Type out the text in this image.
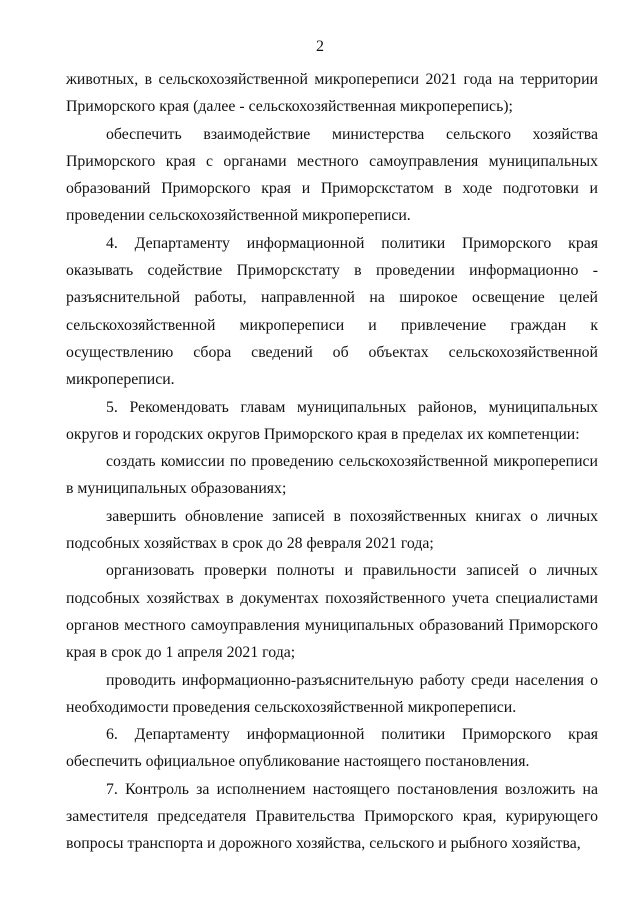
2

животных, в сельскохозяйственной микропереписи 2021 года на территории Приморского края (далее - сельскохозяйственная микроперепись);

обеспечить взаимодействие министерства сельского хозяйства Приморского края с органами местного самоуправления муниципальных образований Приморского края и Приморскстатом в ходе подготовки и проведении сельскохозяйственной микропереписи.

4. Департаменту информационной политики Приморского края оказывать содействие Приморскстату в проведении информационно - разъяснительной работы, направленной на широкое освещение целей сельскохозяйственной микропереписи и привлечение граждан к осуществлению сбора сведений об объектах сельскохозяйственной микропереписи.

5. Рекомендовать главам муниципальных районов, муниципальных округов и городских округов Приморского края в пределах их компетенции:

создать комиссии по проведению сельскохозяйственной микропереписи в муниципальных образованиях;

завершить обновление записей в похозяйственных книгах о личных подсобных хозяйствах в срок до 28 февраля 2021 года;

организовать проверки полноты и правильности записей о личных подсобных хозяйствах в документах похозяйственного учета специалистами органов местного самоуправления муниципальных образований Приморского края в срок до 1 апреля 2021 года;

проводить информационно-разъяснительную работу среди населения о необходимости проведения сельскохозяйственной микропереписи.

6. Департаменту информационной политики Приморского края обеспечить официальное опубликование настоящего постановления.

7. Контроль за исполнением настоящего постановления возложить на заместителя председателя Правительства Приморского края, курирующего вопросы транспорта и дорожного хозяйства, сельского и рыбного хозяйства,
